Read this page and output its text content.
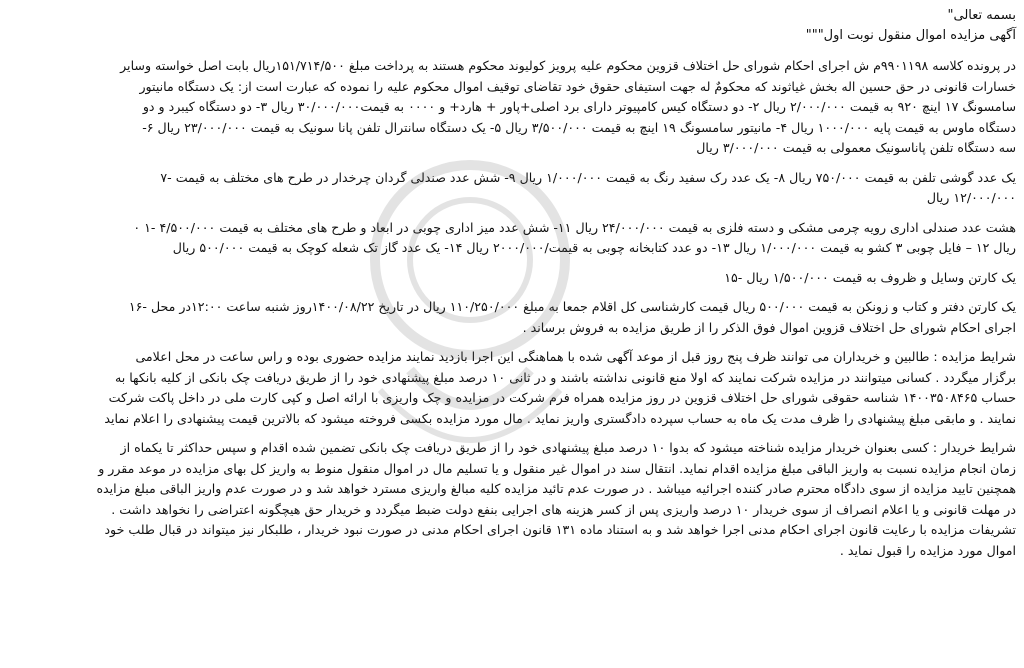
بسمه تعالی"
آگهی مزایده اموال منقول نوبت اول"""
در پرونده کلاسه ۹۹۰۱۱۹۸م ش اجرای احکام شورای حل اختلاف قزوین محکوم علیه پرویز کولیوند محکوم هستند به پرداخت مبلغ ۱۵۱/۷۱۴/۵۰۰ریال بابت اصل خواسته وسایر
خسارات قانونی در حق حسین اله بخش غیاثوند که محکومٌ له جهت استیفای حقوق خود تقاضای توقیف اموال محکوم علیه را نموده که عبارت است از: یک دستگاه مانیتور
سامسونگ ۱۷ اینچ ۹۲۰ به قیمت ۲/۰۰۰/۰۰۰ ریال ۲- دو دستگاه کیس کامپیوتر دارای برد اصلی+پاور + هارد+ و ۰۰۰۰ به قیمت۳۰/۰۰۰/۰۰۰ ریال ۳- دو دستگاه کیبرد و دو
دستگاه ماوس به قیمت پایه ۱۰۰۰/۰۰۰ ریال ۴- مانیتور سامسونگ ۱۹ اینچ به قیمت ۳/۵۰۰/۰۰۰ ریال ۵- یک دستگاه سانترال تلفن پانا سونیک به قیمت ۲۳/۰۰۰/۰۰۰ ریال ۶-
سه دستگاه تلفن پاناسونیک معمولی به قیمت ۳/۰۰۰/۰۰۰ ریال
یک عدد گوشی تلفن به قیمت ۷۵۰/۰۰۰ ریال ۸- یک عدد رک سفید رنگ به قیمت ۱/۰۰۰/۰۰۰ ریال ۹- شش عدد صندلی گردان چرخدار در طرح های مختلف به قیمت -۷
۱۲/۰۰۰/۰۰۰ ریال
هشت عدد صندلی اداری رویه چرمی مشکی و دسته فلزی به قیمت ۲۴/۰۰۰/۰۰۰ ریال ۱۱- شش عدد میز اداری چوبی در ابعاد و طرح های مختلف به قیمت ۴/۵۰۰/۰۰۰ -۱ ۰
ریال ۱۲ – فایل چوبی ۳ کشو به قیمت ۱/۰۰۰/۰۰۰ ریال ۱۳- دو عدد کتابخانه چوبی به قیمت/۲۰۰۰/۰۰۰ ریال ۱۴- یک عدد گاز تک شعله کوچک به قیمت ۵۰۰/۰۰۰ ریال
یک کارتن وسایل و ظروف به قیمت ۱/۵۰۰/۰۰۰ ریال -۱۵
یک کارتن دفتر و کتاب و زونکن به قیمت ۵۰۰/۰۰۰ ریال قیمت کارشناسی کل اقلام جمعا به مبلغ ۱۱۰/۲۵۰/۰۰۰ ریال در تاریخ ۱۴۰۰/۰۸/۲۲روز شنبه ساعت ۱۲:۰۰در محل -۱۶
اجرای احکام شورای حل اختلاف قزوین اموال فوق الذکر را از طریق مزایده به فروش برساند .
شرایط مزایده : طالبین و خریداران می توانند ظرف پنج روز قبل از موعد آگهی شده با هماهنگی این اجرا بازدید نمایند مزایده حضوری بوده و راس ساعت در محل اعلامی
برگزار میگردد . کسانی میتوانند در مزایده شرکت نمایند که اولا منع قانونی نداشته باشند و در ثانی ۱۰ درصد مبلغ پیشنهادی خود را از طریق دریافت چک بانکی از کلیه بانکها به
حساب ۱۴۰۰۳۵۰۸۴۶۵ شناسه حقوقی شورای حل اختلاف قزوین در روز مزایده همراه فرم شرکت در مزایده و چک واریزی با ارائه اصل و کپی کارت ملی در داخل پاکت شرکت
نمایند . و مابقی مبلغ پیشنهادی را ظرف مدت یک ماه به حساب سپرده دادگستری واریز نماید . مال مورد مزایده بکسی فروخته میشود که بالاترین قیمت پیشنهادی را اعلام نماید
شرایط خریدار : کسی بعنوان خریدار مزایده شناخته میشود که بدوا ۱۰ درصد مبلغ پیشنهادی خود را از طریق دریافت چک بانکی تضمین شده اقدام و سپس حداکثر تا یکماه از
زمان انجام مزایده نسبت به واریز الباقی مبلغ مزایده اقدام نماید. انتقال سند در اموال غیر منقول و یا تسلیم مال در اموال منقول منوط به واریز کل بهای مزایده در موعد مقرر و
همچنین تایید مزایده از سوی دادگاه محترم صادر کننده اجرائیه میباشد . در صورت عدم تائید مزایده کلیه مبالغ واریزی مسترد خواهد شد و در صورت عدم واریز الباقی مبلغ مزایده
در مهلت قانونی و یا اعلام انصراف از سوی خریدار ۱۰ درصد واریزی پس از کسر هزینه های اجرایی بنفع دولت ضبط میگردد و خریدار حق هیچگونه اعتراضی را نخواهد داشت .
تشریفات مزایده با رعایت قانون اجرای احکام مدنی اجرا خواهد شد و به استناد ماده ۱۳۱ قانون اجرای احکام مدنی در صورت نبود خریدار ، طلبکار نیز میتواند در قبال طلب خود
اموال مورد مزایده را قبول نماید .
